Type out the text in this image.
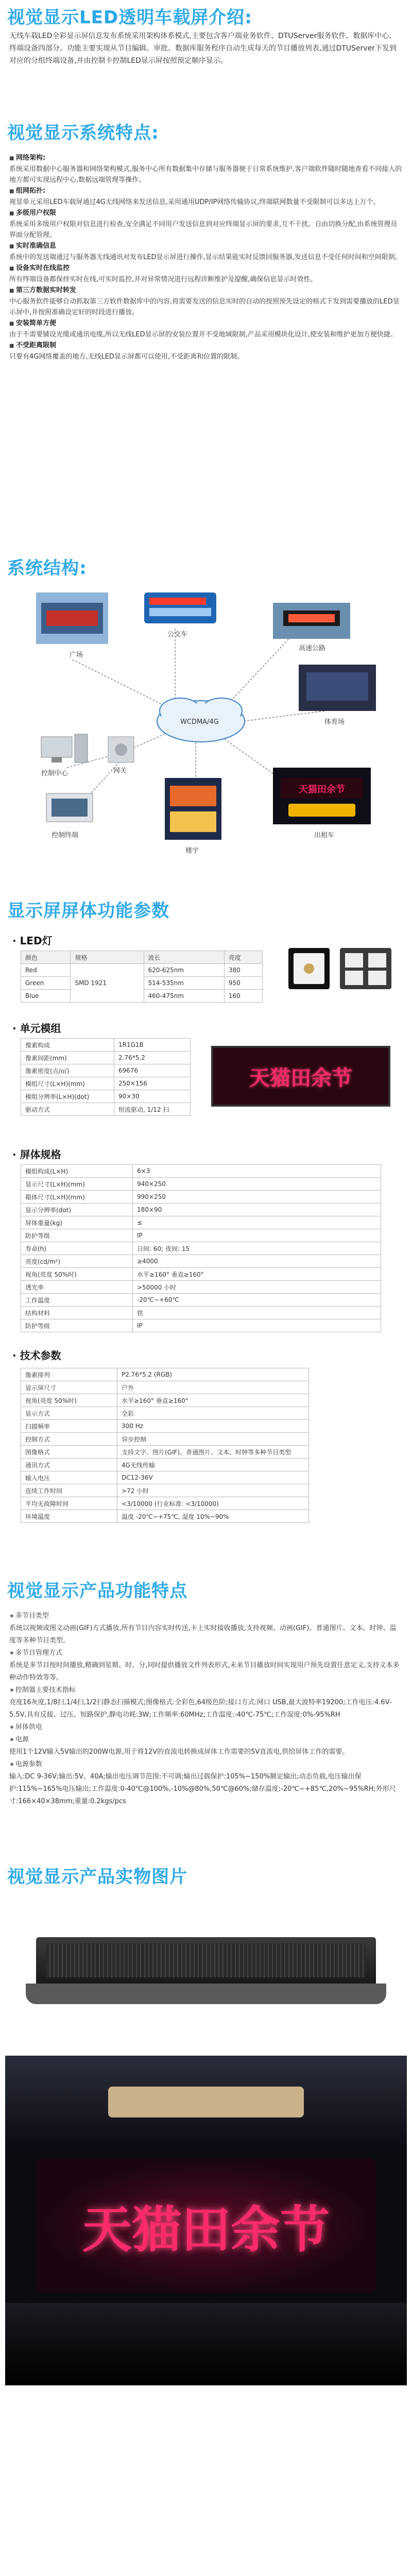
视觉显示LED透明车载屏介绍:

无线车载LED全彩显示屏信息发布系统采用架构体系模式,主要包含客户端业务软件、DTUServer服务软件、数据库中心、终端设备四部分。功能主要实现从节目编辑、审批、数据库服务程序自动生成每天的节目播放列表,通过DTUServer下发到对应的分组终端设备,并由控制卡控制LED显示屏按照预定顺序显示。

视觉显示系统特点:
■ 网络架构:
系统采用数据中心服务器和网络架构模式,服务中心所有数据集中存储与服务器便于日常系统维护,客户端软件随时随地查看不同接入的地方都可实现远程中心,数据远端管理等操作。
■ 组网拓扑:
视显单元采用LED车载屏通过4G无线网络来发送信息,采用通用UDP/IP网络传输协议,终端联网数量不受限制可以多达上万个。
■ 多级用户权限
系统采用多级用户权限对信息进行检查,安全满足不同用户发送信息到对应终端显示屏的要求,互不干扰。自由切换分配,由系统管理员界面分配管理。
■ 实时准确信息
系统中的发送端通过与服务器无线通讯对发布LED显示屏进行操作,显示结果能实时反馈回服务器,发送信息不受任何时间和空间限制。
■ 设备实时在线监控
所有终端设备都保持实时在线,可实时监控,并对异常情况进行远程诊断维护及提醒,确保信息显示时效性。
■ 第三方数据实时转发
中心服务软件能够自动抓取第三方软件数据库中的内容,将需要发送的信息实时的自动的按照预先设定的格式下发到需要播放的LED显示屏中,并按照准确设定好的时段进行播放。
■ 安装简单方便
由于不需要铺设光缆或通讯电缆,所以无线LED显示屏的安装位置并不受地域限制,产品采用模块化设计,使安装和维护更加方便快捷。
■ 不受距离限制
只要有4G网络覆盖的地方,无线LED显示屏都可以使用,不受距离和位置的限制。
系统结构:
广场
公交车
高速公路
体育场
WCDMA/4G
网关
控制中心
控制终端
楼宇
天猫田余节
出租车
显示屏屏体功能参数
· LED灯
颜色	规格	波长	亮度
Red	SMD 1921	620-625nm	380
Green		514-535nm	950
Blue		460-475nm	160
· 单元模组
像素构成	1R1G1B
像素间距(mm)	2.76*5.2
像素密度(点/㎡)	69676
模组尺寸(L×H)(mm)	250×156
模组分辨率(L×H)(dot)	90×30
驱动方式	恒流驱动, 1/12 扫
天猫田余节
· 屏体规格
模组构成(L×H)	6×3
显示尺寸(L×H)(mm)	940×250
箱体尺寸(L×H)(mm)	990×250
显示分辨率(dot)	180×90
屏体重量(kg)	≤
防护等级	IP
寿命(h)	日间: 60; 夜间: 15
亮度(cd/m²)	≥4000
视角(亮度 50%时)	水平≥160° 垂直≥160°
透光率	>50000 小时
工作温度	-20℃~+60℃
结构材料	铁
防护等级	IP
· 技术参数
像素排列	P2.76*5.2 (RGB)
显示屏尺寸	户外
视角(亮度 50%时)	水平≥160° 垂直≥160°
显示方式	全彩
扫描频率	300 Hz
控制方式	异步控制
图像格式	支持文字、图片(GIF)、普通图片、文本、时钟等多种节目类型
通讯方式	4G无线传输
输入电压	DC12-36V
连续工作时间	>72 小时
平均无故障时间	<3/10000 (行业标准: <3/10000)
环境温度	温度 -20℃~+75℃, 湿度 10%~90%
视觉显示产品功能特点
★ 多节目类型
系统以视频或图文动画(GIF)方式播放,所有节目内容实时传送,卡上实时接收播放,支持视频、动画(GIF)、普通图片、文本、时钟、温度等多种节目类型。
★ 多节目管理方式
系统是多节目按时间播放,精确到星期、时、分,同时提供播放文件列表形式,未来节目播放时间实现用户预先设置任意定义,支持文本多种动作特效等等。
★ 控制器主要技术指标
亮度16灰度,1/8扫,1/4扫,1/2扫静态扫描模式;图像格式:全彩色,64级色阶;接口方式:网口 USB,最大波特率19200;工作电压:4.6V-5.5V,具有反接、过压、短路保护,静电功耗:3W;工作频率:60MHz;工作温度:-40℃-75℃;工作湿度:0%-95%RH
★ 屏体供电
★ 电源
使用1个12V输入5V输出的200W电源,用于将12V的直流电转换成屏体工作需要的5V直流电,供给屏体工作的需要。
★ 电源参数
输入:DC 9-36V;输出:5V、40A;输出电压调节范围:不可调;输出过载保护:105%~150%额定输出;动态负载,电压输出保护:115%~165%电压输出;工作温度:0-40℃@100%,-10%@80%,50℃@60%;储存温度:-20℃~+85℃,20%~95%RH;外形尺寸:166×40×38mm;重量:0.2kgs/pcs
视觉显示产品实物图片
天猫田余节
